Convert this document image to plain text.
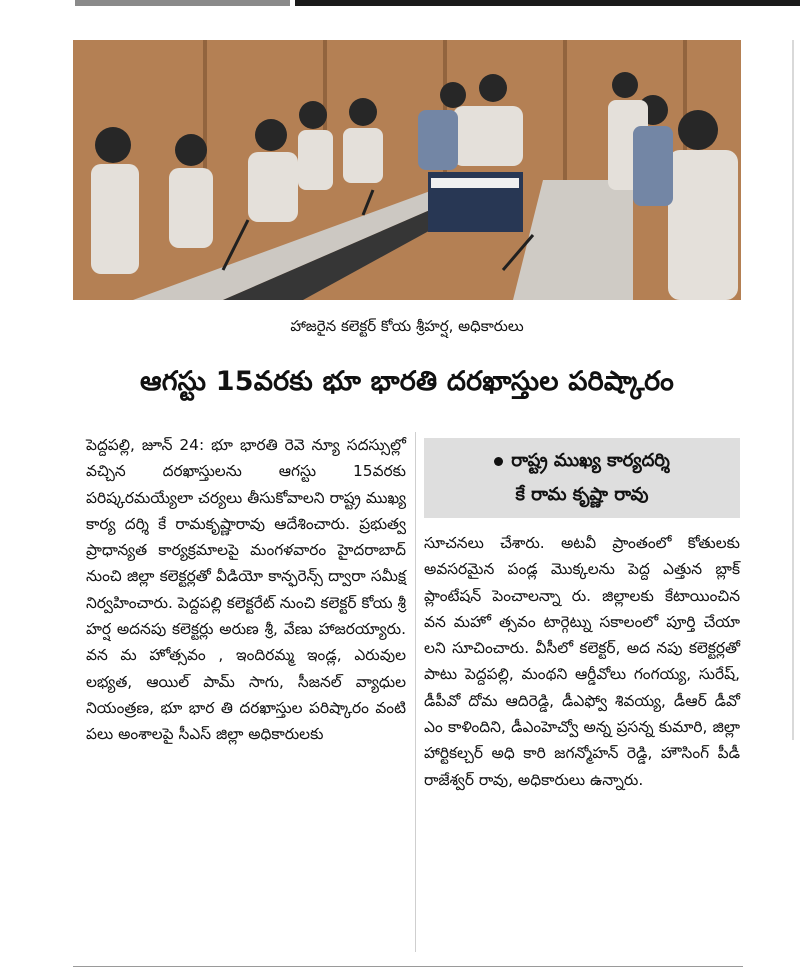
హాజరైన కలెక్టర్ కోయ శ్రీహర్ష, అధికారులు
ఆగస్టు 15వరకు భూ భారతి దరఖాస్తుల పరిష్కారం

పెద్దపల్లి, జూన్ 24: భూ భారతి రెవె న్యూ సదస్సుల్లో వచ్చిన దరఖాస్తులను ఆగస్టు 15వరకు పరిష్కరమయ్యేలా చర్యలు తీసుకోవాలని రాష్ట్ర ముఖ్య కార్య దర్శి కే రామకృష్ణారావు ఆదేశించారు. ప్రభుత్వ ప్రాధాన్యత కార్యక్రమాలపై మంగళవారం హైదరాబాద్ నుంచి జిల్లా కలెక్టర్లతో వీడియో కాన్ఫరెన్స్ ద్వారా సమీక్ష నిర్వహించారు. పెద్దపల్లి కలెక్టరేట్ నుంచి కలెక్టర్ కోయ శ్రీ హర్ష అదనపు కలెక్టర్లు అరుణ శ్రీ, వేణు హాజరయ్యారు. వన మ హోత్సవం , ఇందిరమ్మ ఇండ్ల, ఎరువుల లభ్యత, ఆయిల్ పామ్ సాగు, సీజనల్ వ్యాధుల నియంత్రణ, భూ భార తి దరఖాస్తుల పరిష్కారం వంటి పలు అంశాలపై సీఎస్ జిల్లా అధికారులకు

రాష్ట్ర ముఖ్య కార్యదర్శి
కే రామ కృష్ణా రావు

సూచనలు చేశారు. అటవీ ప్రాంతంలో కోతులకు అవసరమైన పండ్ల మొక్కలను పెద్ద ఎత్తున బ్లాక్ ప్లాంటేషన్ పెంచాలన్నా రు. జిల్లాలకు కేటాయించిన వన మహో త్సవం టార్గెట్ను సకాలంలో పూర్తి చేయా లని సూచించారు. వీసీలో కలెక్టర్, అద నపు కలెక్టర్లతో పాటు పెద్దపల్లి, మంథని ఆర్డీవోలు గంగయ్య, సురేష్, డీపీవో దోమ ఆదిరెడ్డి, డీఎఫ్వో శివయ్య, డీఆర్ డీవో ఎం కాళిందిని, డీఎంహెచ్వో అన్న ప్రసన్న కుమారి, జిల్లా హార్టికల్చర్ అధి కారి జగన్మోహన్ రెడ్డి, హౌసింగ్ పీడీ రాజేశ్వర్ రావు, అధికారులు ఉన్నారు.
